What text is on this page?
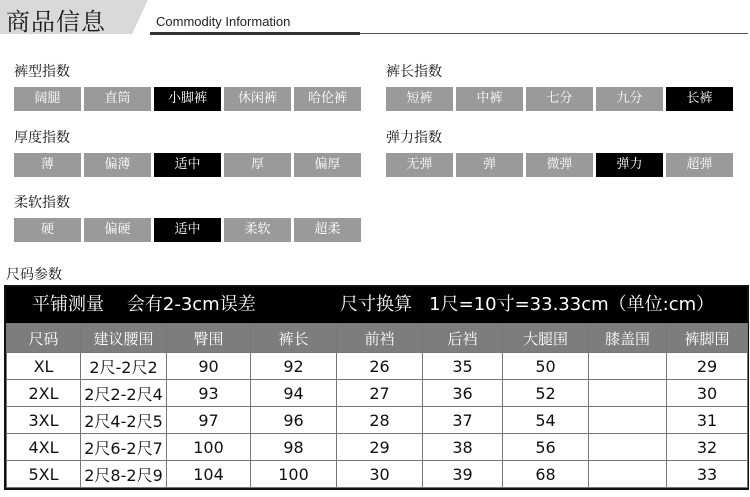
商品信息	Commodity Information
裤型指数
阔腿	直筒	小脚裤	休闲裤	哈伦裤
裤长指数
短裤	中裤	七分	九分	长裤
厚度指数
薄	偏薄	适中	厚	偏厚
弹力指数
无弹	弹	微弹	弹力	超弹
柔软指数
硬	偏硬	适中	柔软	超柔
尺码参数
平铺测量    会有2-3cm误差	尺寸换算   1尺=10寸=33.33cm（单位:cm）
尺码	建议腰围	臀围	裤长	前裆	后裆	大腿围	膝盖围	裤脚围
XL	2尺-2尺2	90	92	26	35	50		29
2XL	2尺2-2尺4	93	94	27	36	52		30
3XL	2尺4-2尺5	97	96	28	37	54		31
4XL	2尺6-2尺7	100	98	29	38	56		32
5XL	2尺8-2尺9	104	100	30	39	68		33
